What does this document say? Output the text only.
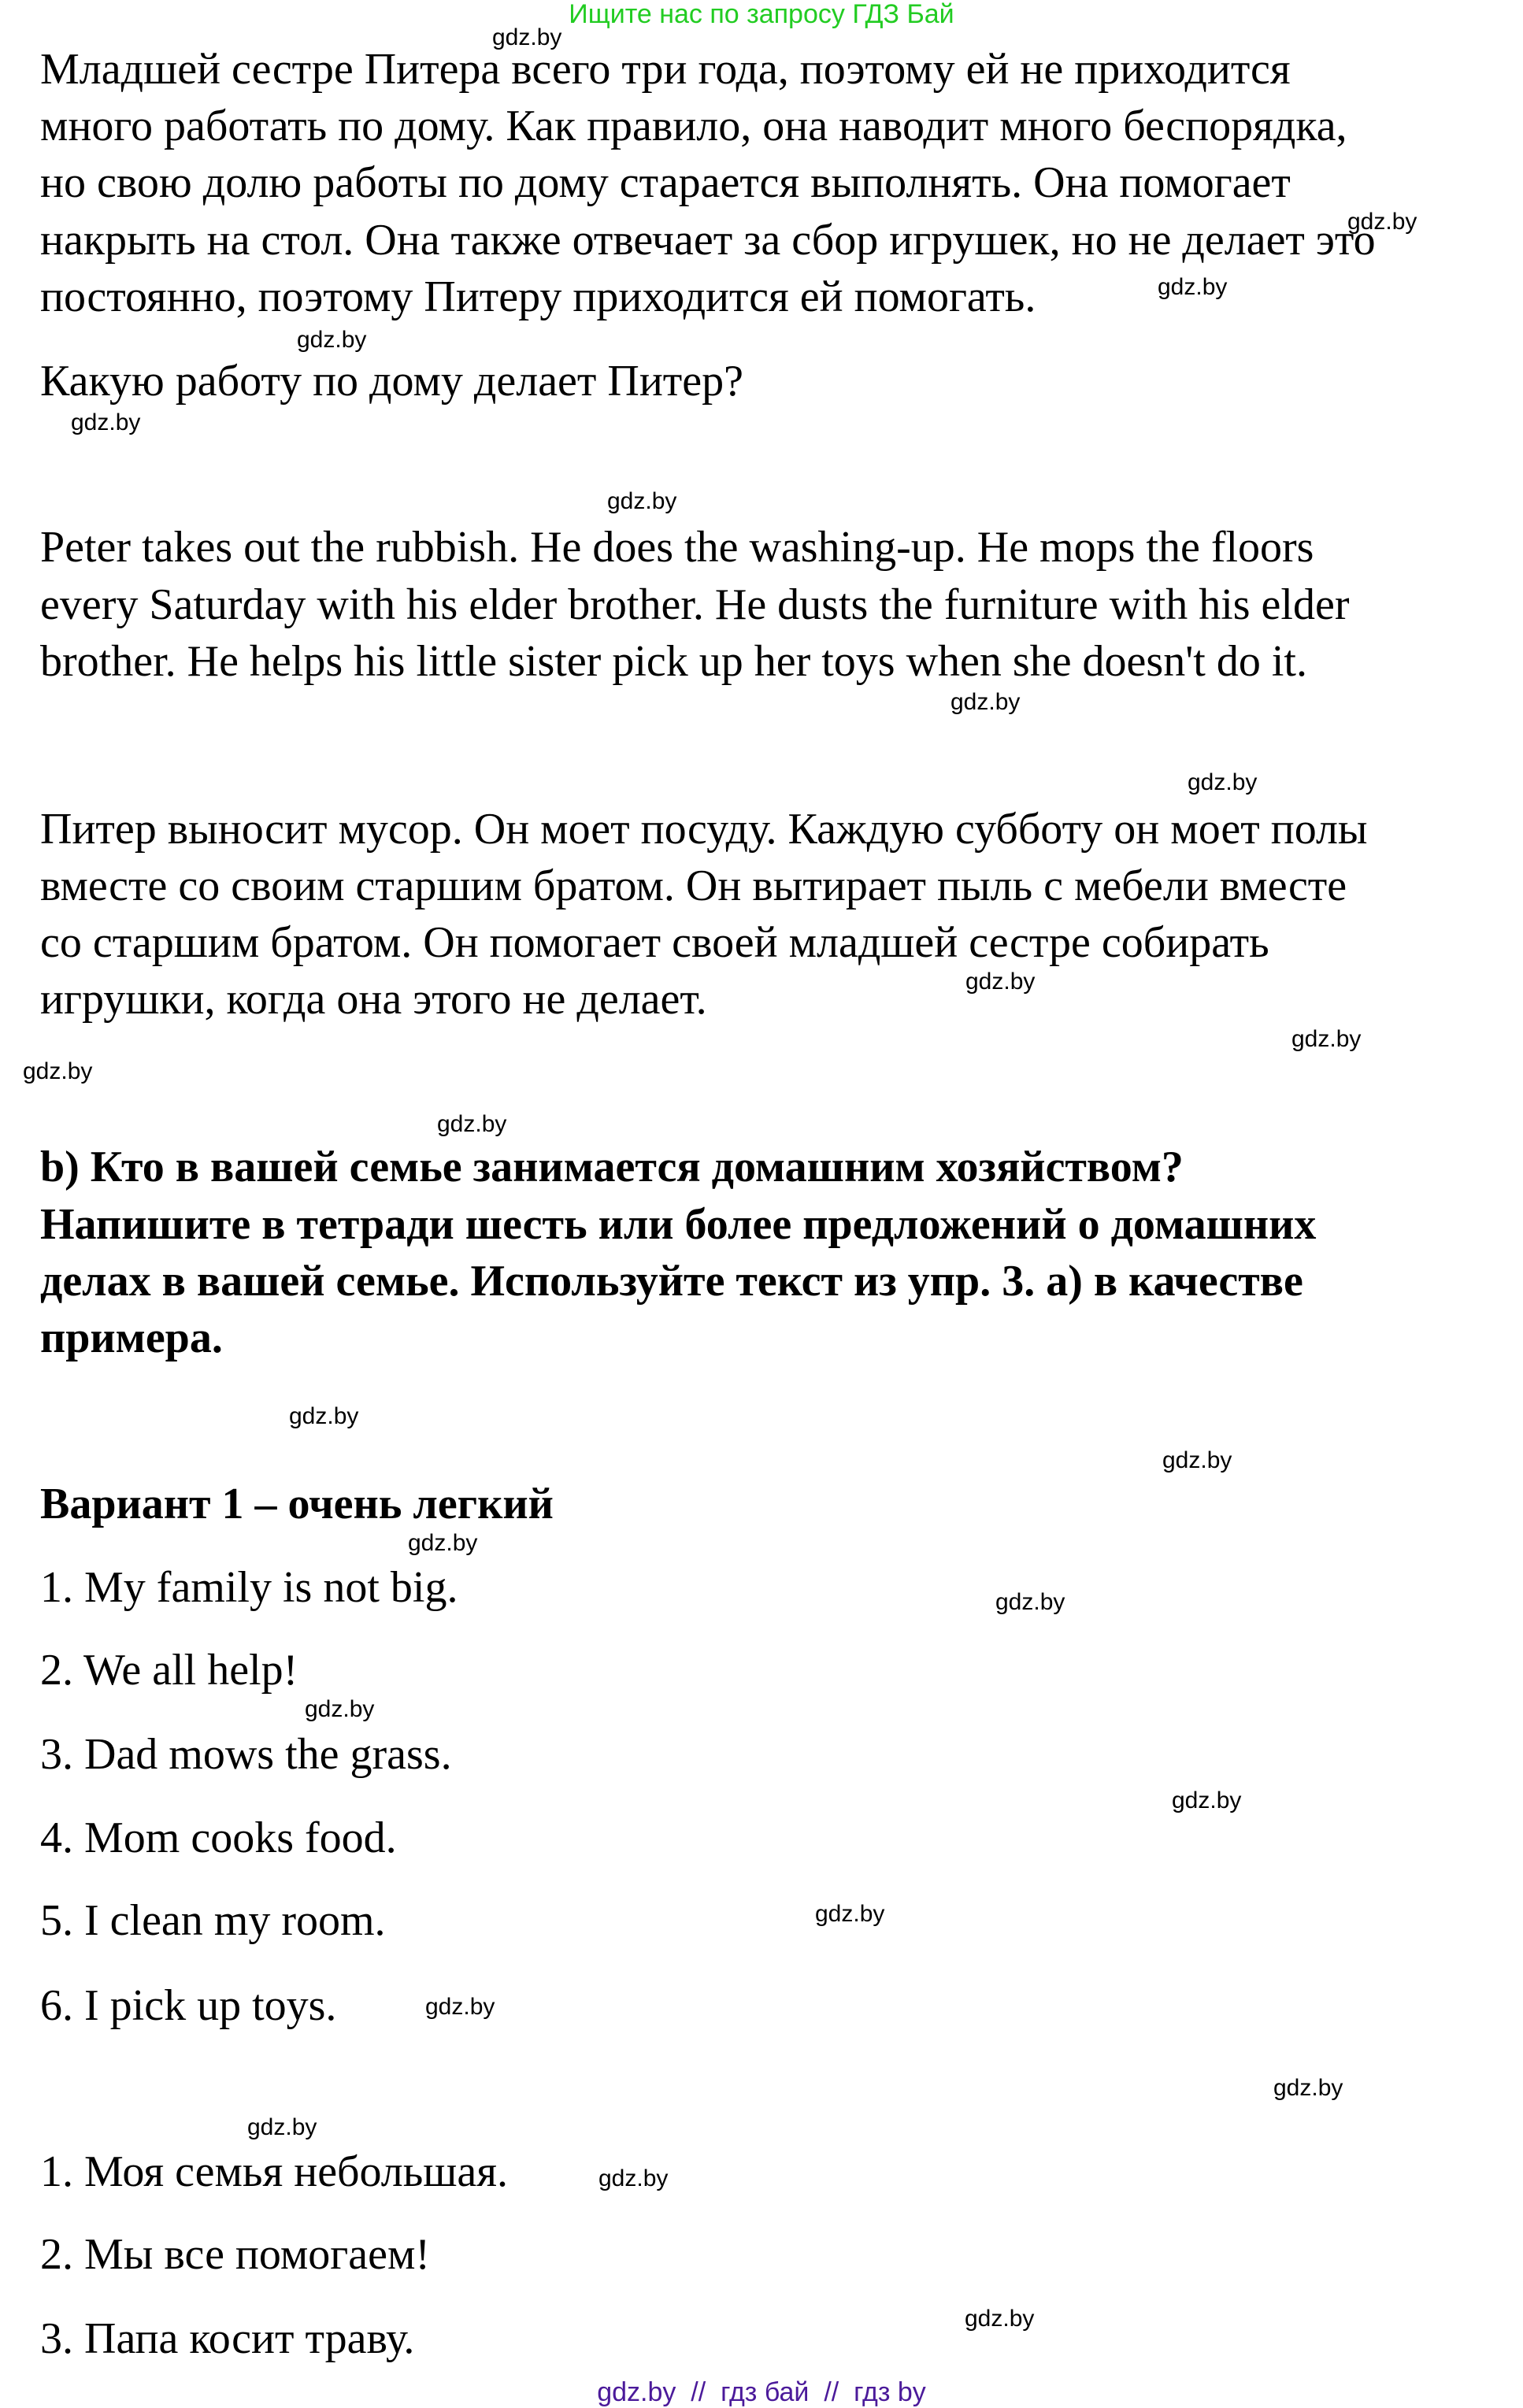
Ищите нас по запросу ГДЗ Бай
Младшей сестре Питера всего три года, поэтому ей не приходится
много работать по дому. Как правило, она наводит много беспорядка,
но свою долю работы по дому старается выполнять. Она помогает
накрыть на стол. Она также отвечает за сбор игрушек, но не делает это
постоянно, поэтому Питеру приходится ей помогать.
Какую работу по дому делает Питер?
Peter takes out the rubbish. He does the washing-up. He mops the floors
every Saturday with his elder brother. He dusts the furniture with his elder
brother. He helps his little sister pick up her toys when she doesn't do it.
Питер выносит мусор. Он моет посуду. Каждую субботу он моет полы
вместе со своим старшим братом. Он вытирает пыль с мебели вместе
со старшим братом. Он помогает своей младшей сестре собирать
игрушки, когда она этого не делает.
b) Кто в вашей семье занимается домашним хозяйством?
Напишите в тетради шесть или более предложений о домашних
делах в вашей семье. Используйте текст из упр. 3. а) в качестве
примера.
Вариант 1 – очень легкий
1. My family is not big.
2. We all help!
3. Dad mows the grass.
4. Mom cooks food.
5. I clean my room.
6. I pick up toys.
1. Моя семья небольшая.
2. Мы все помогаем!
3. Папа косит траву.
gdz.by
gdz.by
gdz.by
gdz.by
gdz.by
gdz.by
gdz.by
gdz.by
gdz.by
gdz.by
gdz.by
gdz.by
gdz.by
gdz.by
gdz.by
gdz.by
gdz.by
gdz.by
gdz.by
gdz.by
gdz.by
gdz.by
gdz.by
gdz.by
gdz.by  //  гдз бай  //  гдз by
